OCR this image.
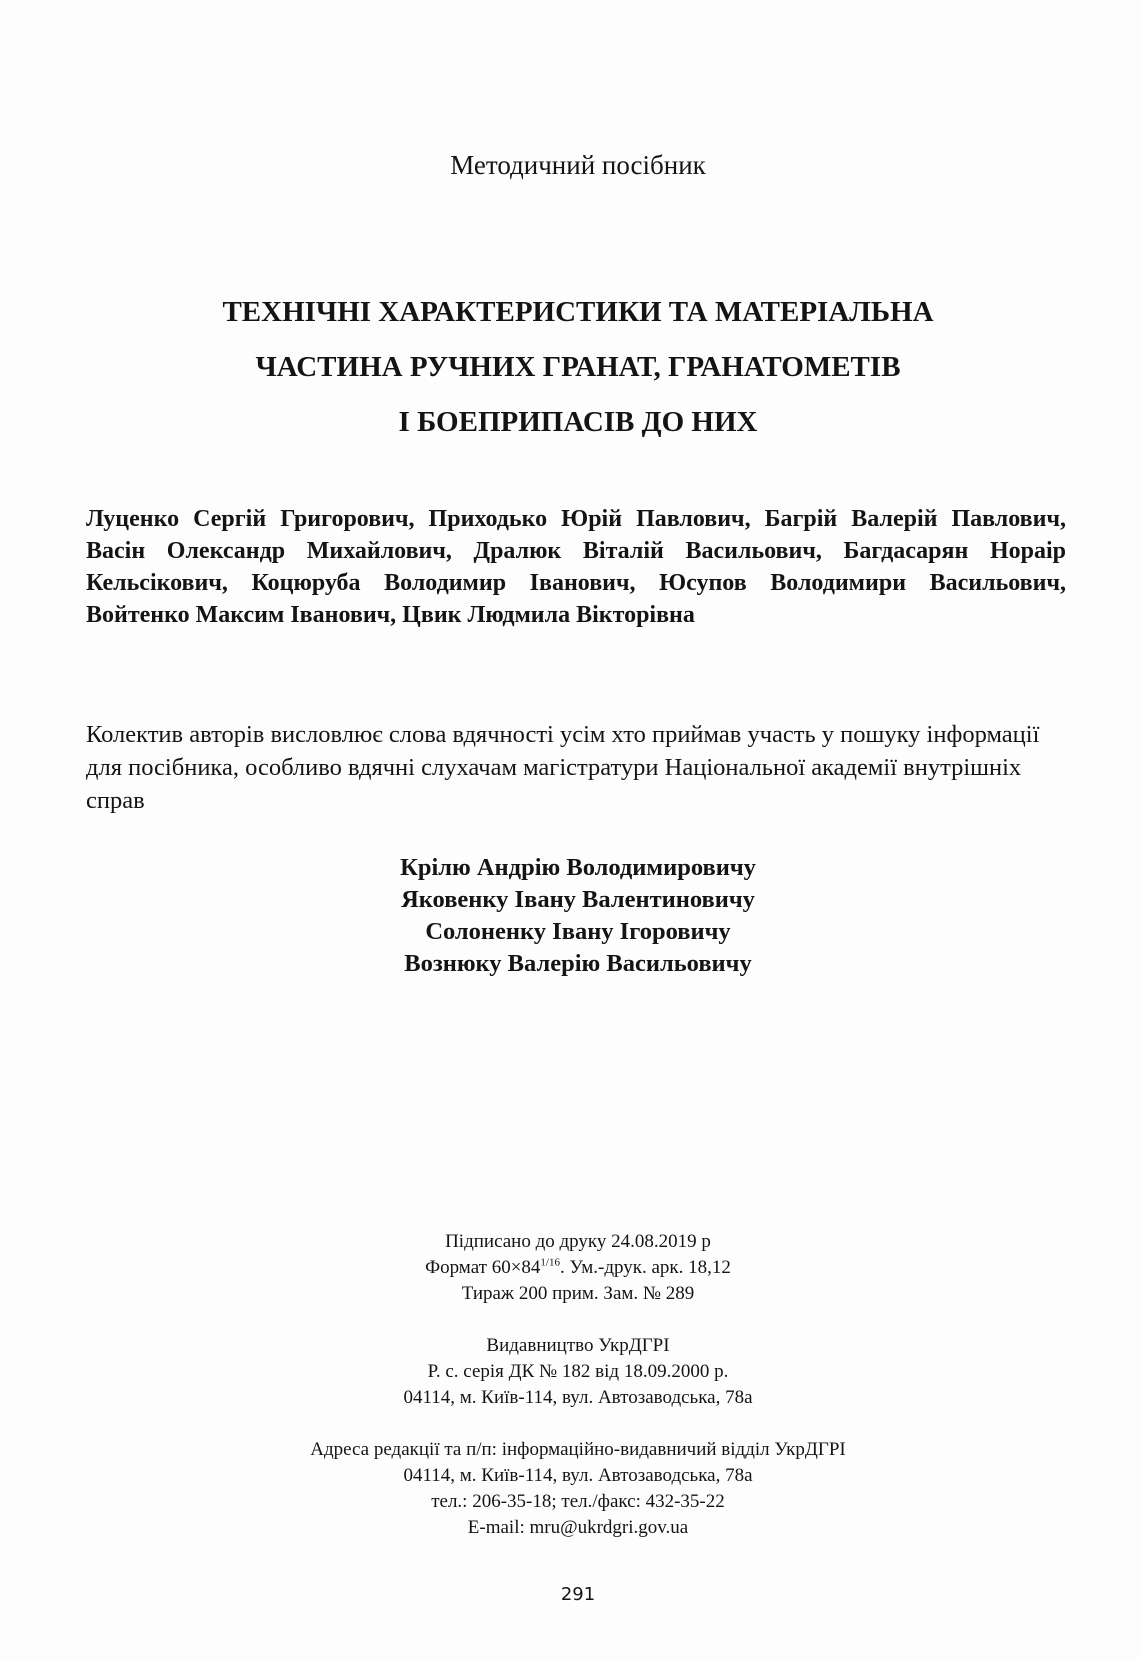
Методичний посібник
ТЕХНІЧНІ ХАРАКТЕРИСТИКИ ТА МАТЕРІАЛЬНА
ЧАСТИНА РУЧНИХ ГРАНАТ, ГРАНАТОМЕТІВ
І БОЕПРИПАСІВ ДО НИХ
Луценко Сергій Григорович, Приходько Юрій Павлович, Багрій Валерій Павлович, Васін Олександр Михайлович, Дралюк Віталій Васильович, Багдасарян Нораір Кельсікович, Коцюруба Володимир Іванович, Юсупов Володимири Васильович, Войтенко Максим Іванович, Цвик Людмила Вікторівна
Колектив авторів висловлює слова вдячності усім хто приймав участь у пошуку інформації для посібника, особливо вдячні слухачам магістратури Національної академії внутрішніх справ
Крілю Андрію Володимировичу
Яковенку Івану Валентиновичу
Солоненку Івану Ігоровичу
Вознюку Валерію Васильовичу
Підписано до друку 24.08.2019 р
Формат $60\times 84^{1/16}$. Ум.-друк. арк. 18,12
Тираж 200 прим. Зам. № 289
Видавництво УкрДГРІ
Р. с. серія ДК № 182 від 18.09.2000 р.
04114, м. Київ-114, вул. Автозаводська, 78а
Адреса редакції та п/п: інформаційно-видавничий відділ УкрДГРІ
04114, м. Київ-114, вул. Автозаводська, 78а
тел.: 206-35-18; тел./факс: 432-35-22
E-mail: mru@ukrdgri.gov.ua
291
